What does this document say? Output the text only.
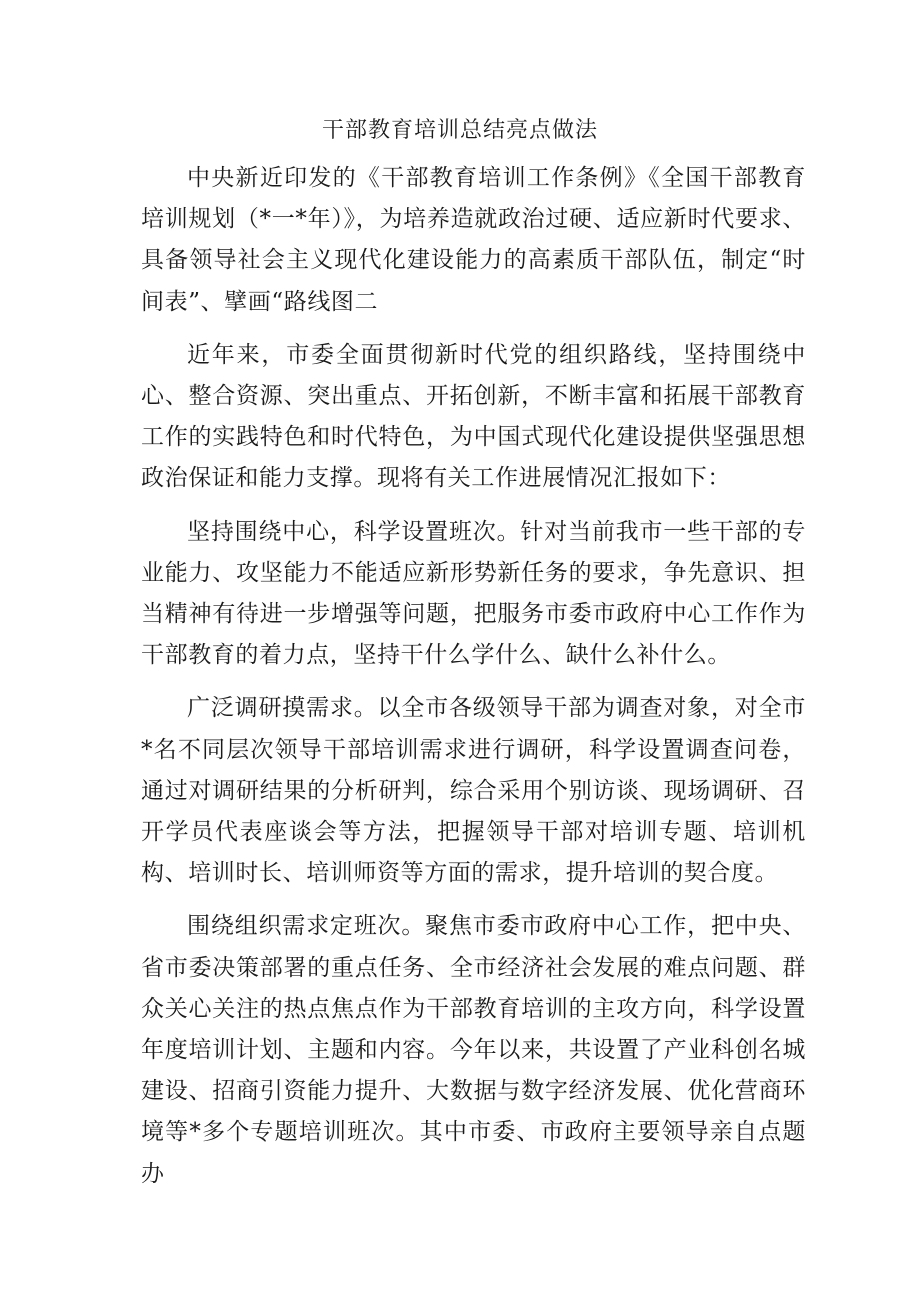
干部教育培训总结亮点做法

中央新近印发的《干部教育培训工作条例》《全国干部教育培训规划（*一*年）》，为培养造就政治过硬、适应新时代要求、具备领导社会主义现代化建设能力的高素质干部队伍，制定“时间表”、擘画“路线图二

近年来，市委全面贯彻新时代党的组织路线，坚持围绕中心、整合资源、突出重点、开拓创新，不断丰富和拓展干部教育工作的实践特色和时代特色，为中国式现代化建设提供坚强思想政治保证和能力支撑。现将有关工作进展情况汇报如下：

坚持围绕中心，科学设置班次。针对当前我市一些干部的专业能力、攻坚能力不能适应新形势新任务的要求，争先意识、担当精神有待进一步增强等问题，把服务市委市政府中心工作作为干部教育的着力点，坚持干什么学什么、缺什么补什么。

广泛调研摸需求。以全市各级领导干部为调查对象，对全市*名不同层次领导干部培训需求进行调研，科学设置调查问卷，通过对调研结果的分析研判，综合采用个别访谈、现场调研、召开学员代表座谈会等方法，把握领导干部对培训专题、培训机构、培训时长、培训师资等方面的需求，提升培训的契合度。

围绕组织需求定班次。聚焦市委市政府中心工作，把中央、省市委决策部署的重点任务、全市经济社会发展的难点问题、群众关心关注的热点焦点作为干部教育培训的主攻方向，科学设置年度培训计划、主题和内容。今年以来，共设置了产业科创名城建设、招商引资能力提升、大数据与数字经济发展、优化营商环境等*多个专题培训班次。其中市委、市政府主要领导亲自点题办
